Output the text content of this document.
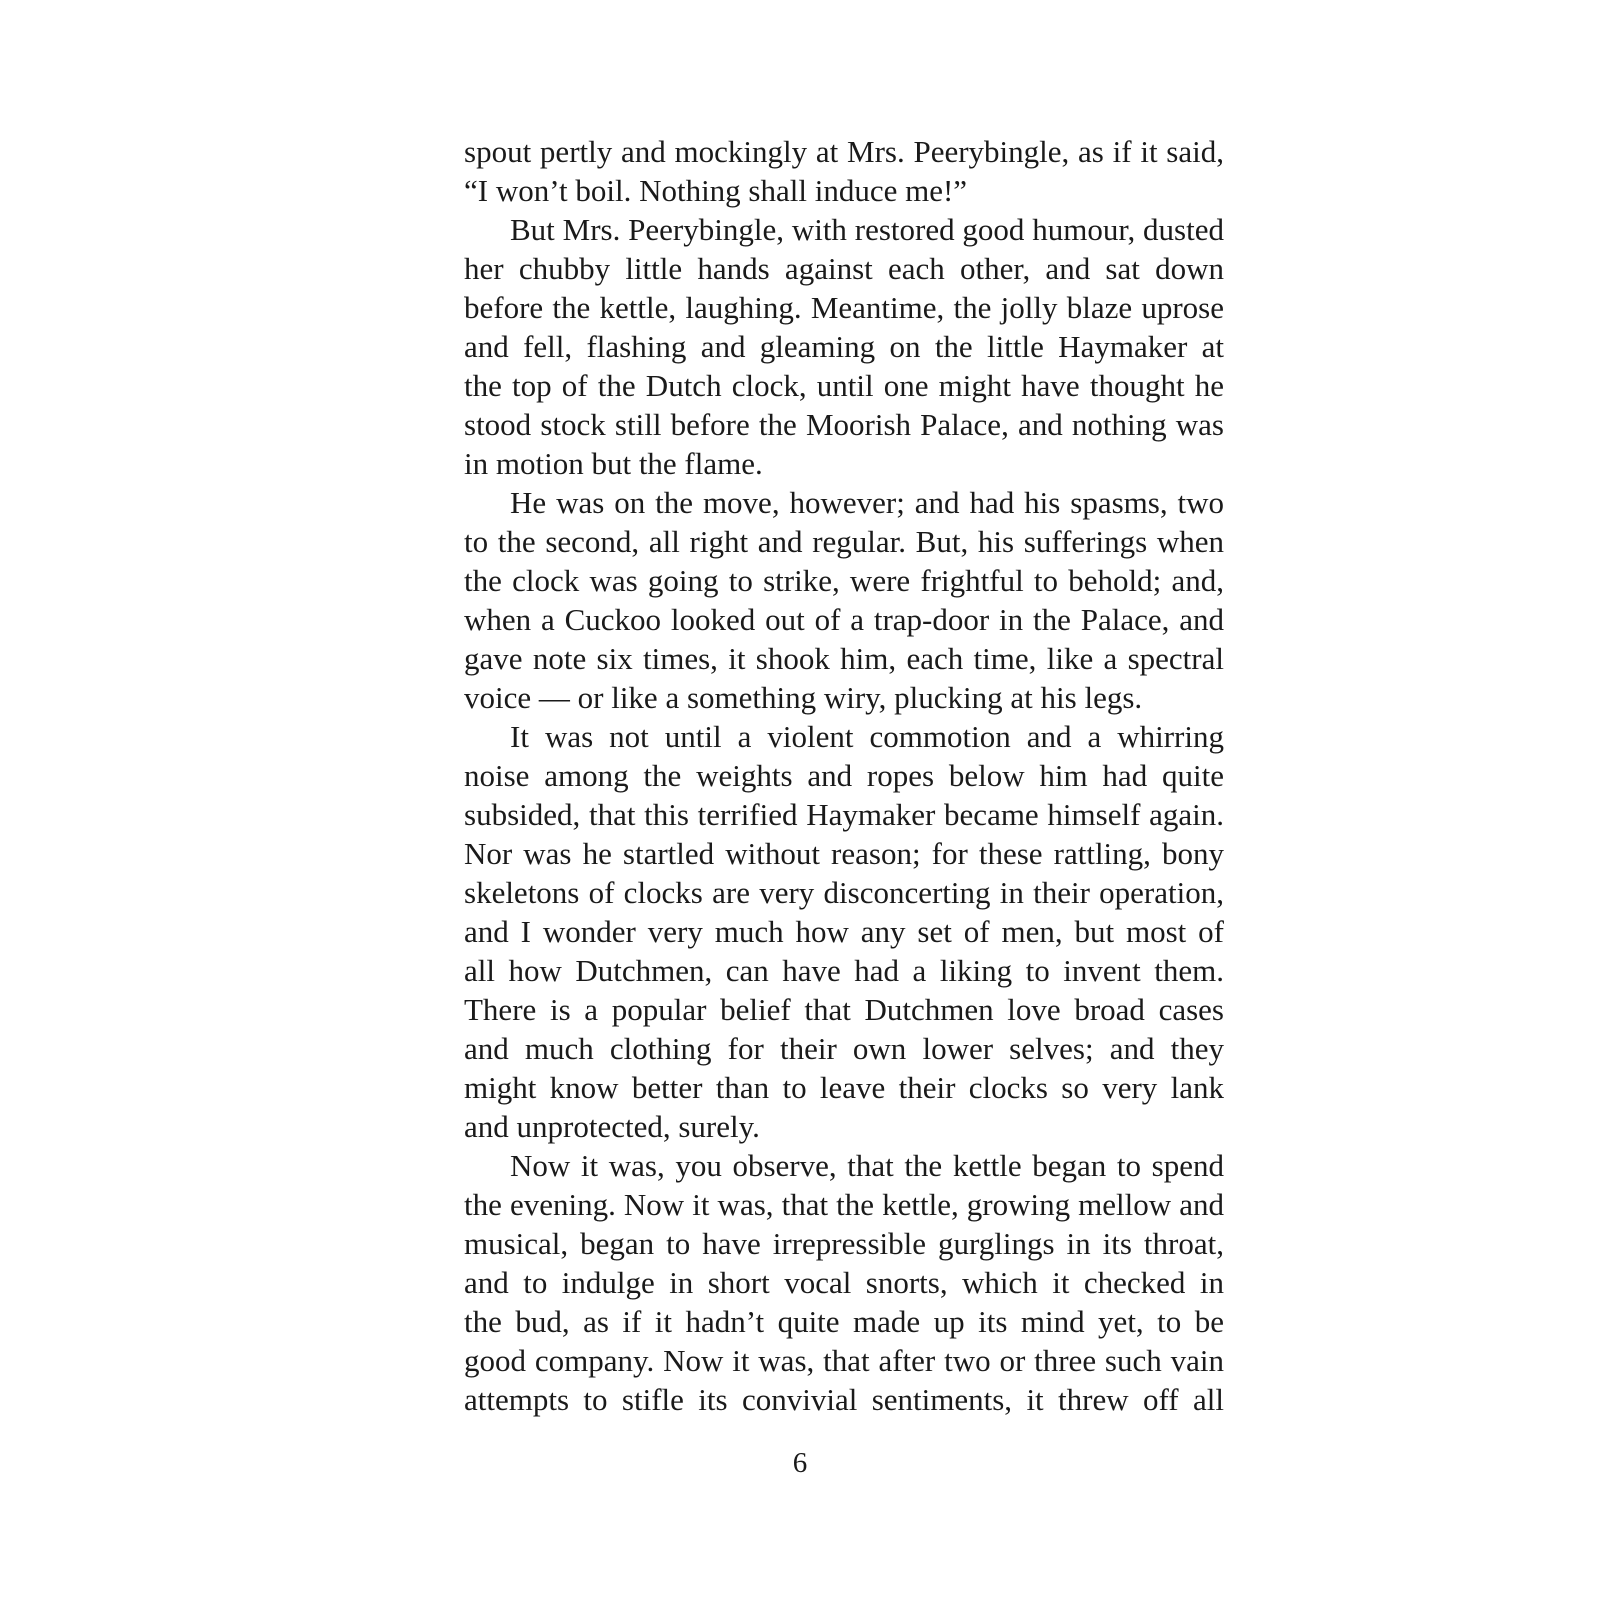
spout pertly and mockingly at Mrs. Peerybingle, as if it said,
“I won’t boil. Nothing shall induce me!”
But Mrs. Peerybingle, with restored good humour, dusted
her chubby little hands against each other, and sat down
before the kettle, laughing. Meantime, the jolly blaze uprose
and fell, flashing and gleaming on the little Haymaker at
the top of the Dutch clock, until one might have thought he
stood stock still before the Moorish Palace, and nothing was
in motion but the flame.
He was on the move, however; and had his spasms, two
to the second, all right and regular. But, his sufferings when
the clock was going to strike, were frightful to behold; and,
when a Cuckoo looked out of a trap-door in the Palace, and
gave note six times, it shook him, each time, like a spectral
voice — or like a something wiry, plucking at his legs.
It was not until a violent commotion and a whirring
noise among the weights and ropes below him had quite
subsided, that this terrified Haymaker became himself again.
Nor was he startled without reason; for these rattling, bony
skeletons of clocks are very disconcerting in their operation,
and I wonder very much how any set of men, but most of
all how Dutchmen, can have had a liking to invent them.
There is a popular belief that Dutchmen love broad cases
and much clothing for their own lower selves; and they
might know better than to leave their clocks so very lank
and unprotected, surely.
Now it was, you observe, that the kettle began to spend
the evening. Now it was, that the kettle, growing mellow and
musical, began to have irrepressible gurglings in its throat,
and to indulge in short vocal snorts, which it checked in
the bud, as if it hadn’t quite made up its mind yet, to be
good company. Now it was, that after two or three such vain
attempts to stifle its convivial sentiments, it threw off all
6
